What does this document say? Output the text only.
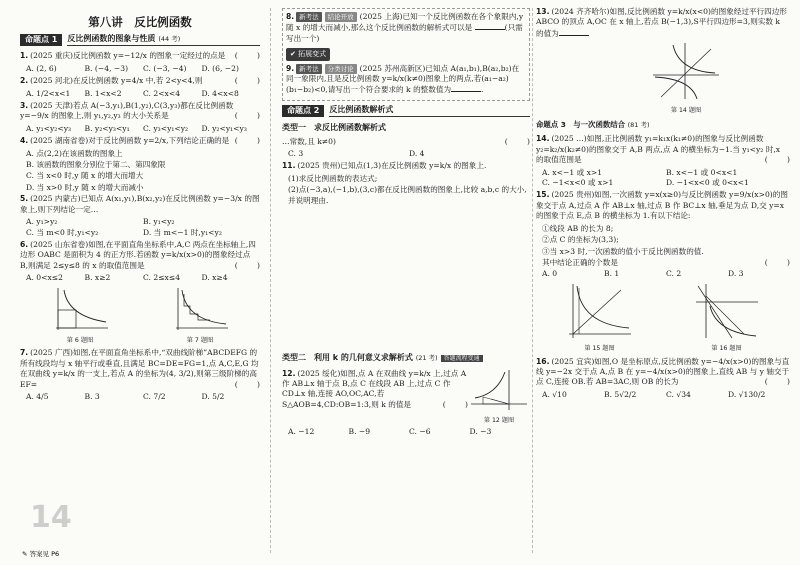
第八讲　反比例函数
命题点 1	反比例函数的图象与性质 (44 考)
1. (2025 重庆)反比例函数 y=−12/x 的图象一定经过的点是
( )
A. (2, 6)	B. (−4, −3)	C. (−3, −4)	D. (6, −2)
2. (2025 河北)在反比例函数 y=4/x 中,若 2<y<4,则
( )
A. 1/2<x<1	B. 1<x<2	C. 2<x<4	D. 4<x<8
3. (2025 天津)若点 A(−3,y₁),B(1,y₂),C(3,y₃)都在反比例函数 y=−9/x 的图象上,则 y₁,y₂,y₃ 的大小关系是
( )
A. y₁<y₂<y₃	B. y₂<y₃<y₁	C. y₃<y₁<y₂	D. y₂<y₁<y₃
4. (2025 湖南省卷)对于反比例函数 y=2/x,下列结论正确的是
( )
A. 点(2,2)在该函数的图象上
B. 该函数的图象分别位于第二、第四象限
C. 当 x<0 时,y 随 x 的增大而增大
D. 当 x>0 时,y 随 x 的增大而减小
5. (2025 内蒙古)已知点 A(x₁,y₁),B(x₂,y₂)在反比例函数 y=−3/x 的图象上,则下列结论一定…
A. y₁>y₂	B. y₁<y₂
C. 当 m<0 时,y₁<y₂	D. 当 m<−1 时,y₁<y₂
6. (2025 山东省卷)如图,在平面直角坐标系中,A,C 两点在坐标轴上,四边形 OABC 是面积为 4 的正方形.若函数 y=k/x(x>0)的图象经过点 B,则满足 2≤y≤8 的 x 的取值范围是
( )
A. 0<x≤2	B. x≥2	C. 2≤x≤4	D. x≥4
第 6 题图	第 7 题图
7. (2025 广西)如图,在平面直角坐标系中,“双曲线阶梯”ABCDEFG 的所有线段均与 x 轴平行或垂直,且满足 BC=DE=FG=1,点 A,C,E,G 均在双曲线 y=k/x 的一支上,若点 A 的坐标为(4, 3/2),则第三级阶梯的高 EF=
( )
A. 4/5	B. 3	C. 7/2	D. 5/2
8. 新考法 结论开放 (2025 上海)已知一个反比例函数在各个象限内,y 随 x 的增大而减小,那么这个反比例函数的解析式可以是	(只需写出一个)
✔ 拓展变式
9. 新考法 分类讨论 (2025 苏州高新区)已知点 A(a₁,b₁),B(a₂,b₂)在同一象限内,且是反比例函数 y=k/x(k≠0)图象上的两点,若(a₁−a₂)(b₁−b₂)<0,请写出一个符合要求的 k 的整数值为	.
命题点 2	反比例函数解析式
类型一　 求反比例函数解析式
…常数,且 k≠0)
( )
C. 3	D. 4
11. (2025 贵州)已知点(1,3)在反比例函数 y=k/x 的图象上.
(1)求反比例函数的表达式;
(2)点(−3,a),(−1,b),(3,c)都在反比例函数的图象上,比较 a,b,c 的大小,并说明理由.
类型二　利用 k 的几何意义求解析式 (21 考) 答题流程变通
12. (2025 绥化)如图,点 A 在双曲线 y=k/x 上,过点 A 作 AB⊥x 轴于点 B,点 C 在线段 AB 上,过点 C 作 CD⊥x 轴,连接 AO,OC,AC,若 S△AOB=4,CD:OB=1:3,则 k 的值是
( )
第 12 题图
A. −12	B. −9	C. −6	D. −3
13. (2024 齐齐哈尔)如图,反比例函数 y=k/x(x<0)的图象经过平行四边形 ABCO 的顶点 A,OC 在 x 轴上,若点 B(−1,3),S平行四边形=3,则实数 k 的值为
第 14 题图
命题点 3　与一次函数结合 (81 考)
14. (2025 …)如图,正比例函数 y₁=k₁x(k₁≠0)的图象与反比例函数 y₂=k₂/x(k₂≠0)的图象交于 A,B 两点,点 A 的横坐标为−1.当 y₁<y₂ 时,x 的取值范围是
( )
A. x<−1 或 x>1	B. x<−1 或 0<x<1
C. −1<x<0 或 x>1	D. −1<x<0 或 0<x<1
15. (2025 贵州)如图,一次函数 y=x(x≥0)与反比例函数 y=9/x(x>0)的图象交于点 A,过点 A 作 AB⊥x 轴,过点 B 作 BC⊥x 轴,垂足为点 D,交 y=x 的图象于点 E,点 B 的横坐标为 1.有以下结论:
①线段 AB 的长为 8;
②点 C 的坐标为(3,3);
③当 x>3 时,一次函数的值小于反比例函数的值.
其中结论正确的个数是
( )
A. 0	B. 1	C. 2	D. 3
第 15 题图	第 16 题图
16. (2025 宜宾)如图,O 是坐标原点,反比例函数 y=−4/x(x>0)的图象与直线 y=−2x 交于点 A,点 B 在 y=−4/x(x>0)的图象上,直线 AB 与 y 轴交于点 C,连接 OB.若 AB=3AC,则 OB 的长为
( )
A. √10	B. 5√2/2	C. √34	D. √130/2
14
✎ 答案见 P6
